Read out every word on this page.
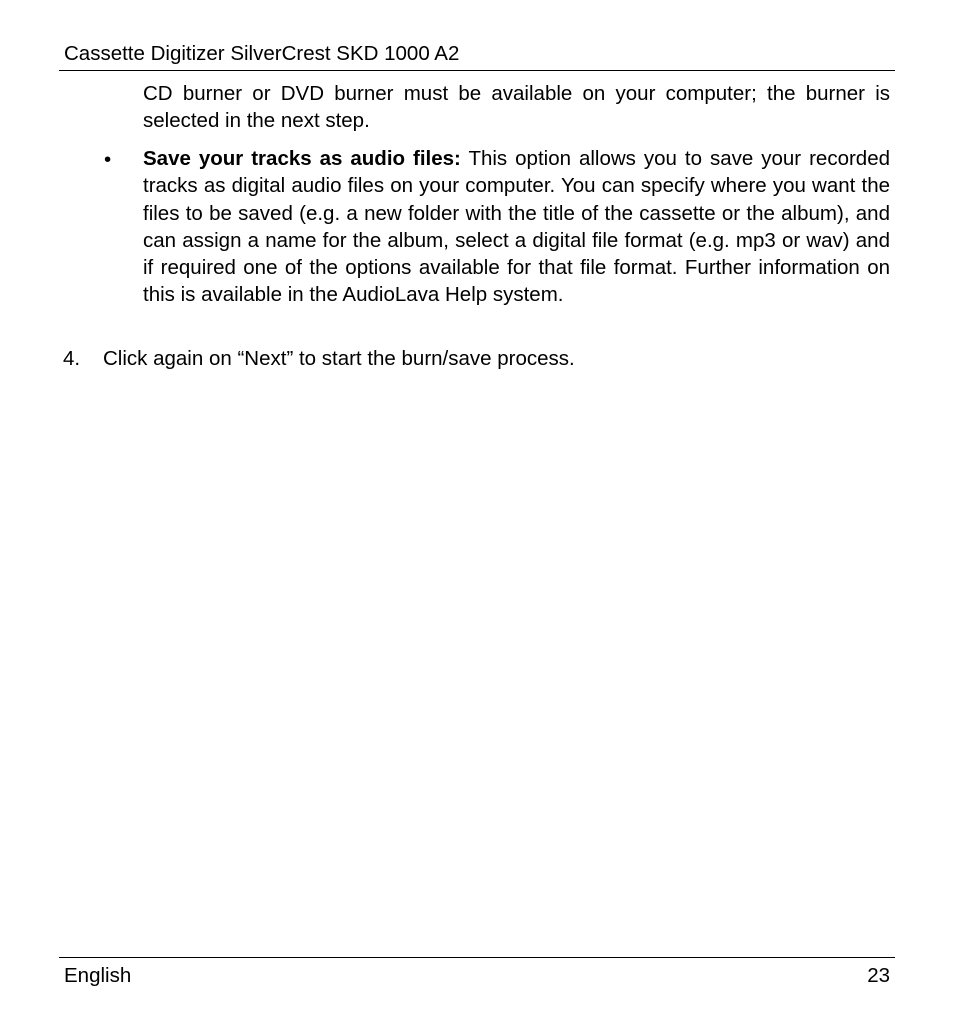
Cassette Digitizer SilverCrest SKD 1000 A2
CD burner or DVD burner must be available on your computer; the burner is selected in the next step.
• Save your tracks as audio files: This option allows you to save your recorded tracks as digital audio files on your computer. You can specify where you want the files to be saved (e.g. a new folder with the title of the cassette or the album), and can assign a name for the album, select a digital file format (e.g. mp3 or wav) and if required one of the options available for that file format. Further information on this is available in the AudioLava Help system.
4. Click again on “Next” to start the burn/save process.
English	23
